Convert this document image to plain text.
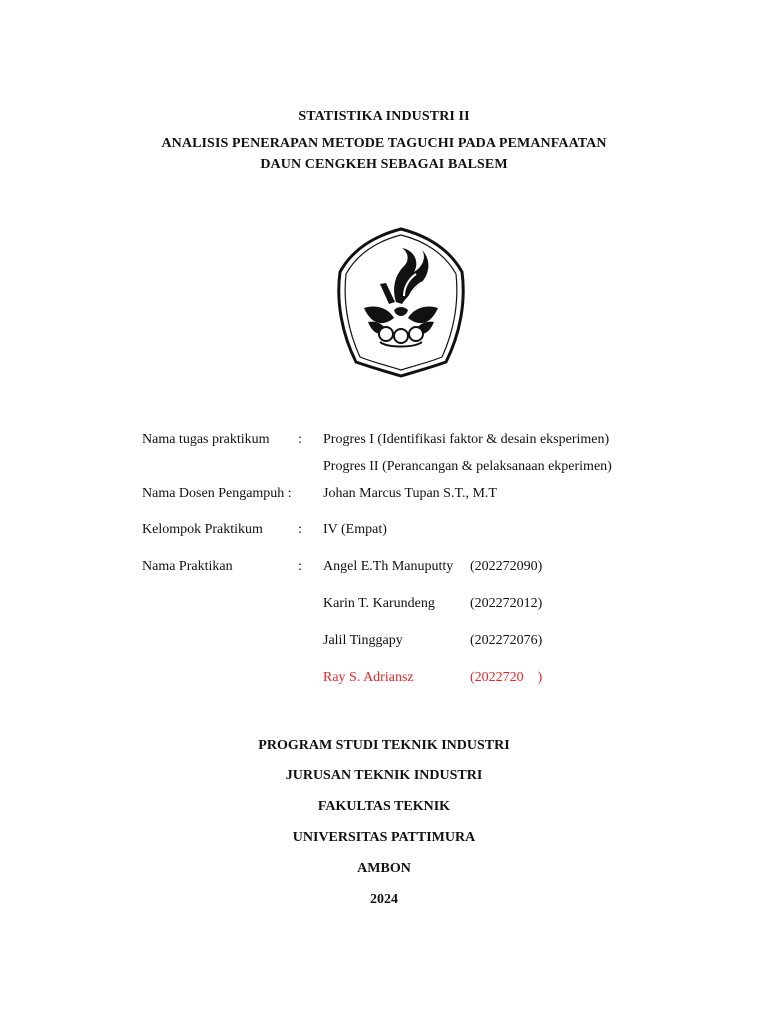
STATISTIKA INDUSTRI II
ANALISIS PENERAPAN METODE TAGUCHI PADA PEMANFAATAN
DAUN CENGKEH SEBAGAI BALSEM
Nama tugas praktikum : Progres I (Identifikasi faktor & desain eksperimen)
Progres II (Perancangan & pelaksanaan ekperimen)
Nama Dosen Pengampuh : Johan Marcus Tupan S.T., M.T
Kelompok Praktikum	: IV (Empat)
Nama Praktikan	: Angel E.Th Manuputty (202272090)
Karin T. Karundeng	(202272012)
Jalil Tinggapy	(202272076)
Ray S. Adriansz	(2022720    )
PROGRAM STUDI TEKNIK INDUSTRI
JURUSAN TEKNIK INDUSTRI
FAKULTAS TEKNIK
UNIVERSITAS PATTIMURA
AMBON
2024
